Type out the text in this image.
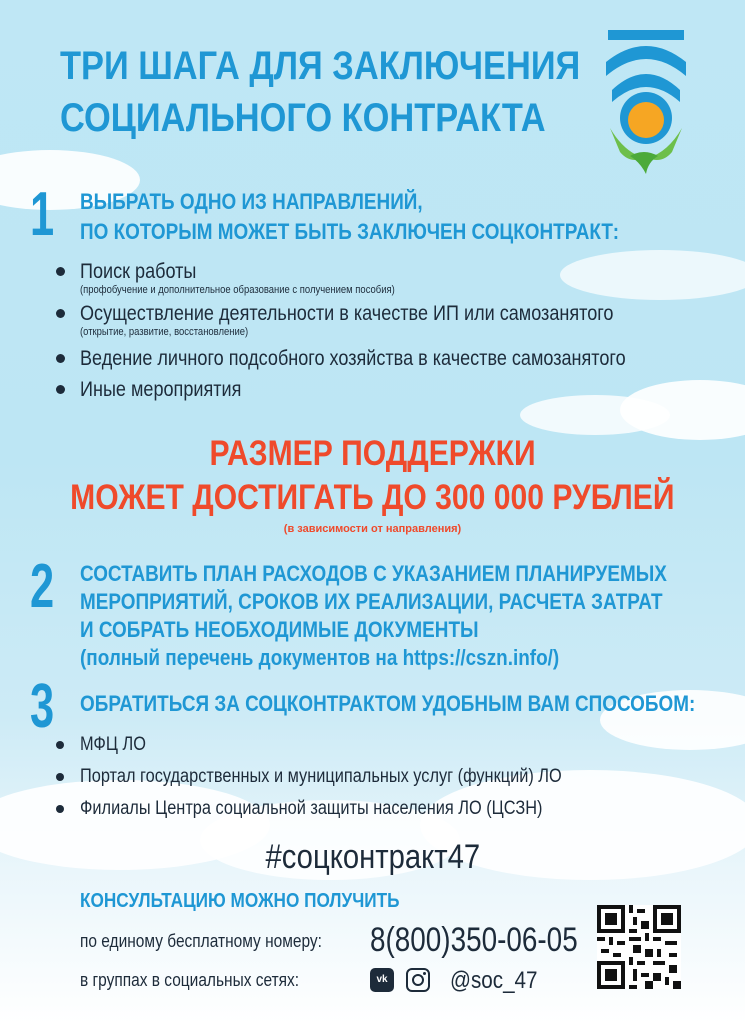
ТРИ ШАГА ДЛЯ ЗАКЛЮЧЕНИЯ
СОЦИАЛЬНОГО КОНТРАКТА
1 ВЫБРАТЬ ОДНО ИЗ НАПРАВЛЕНИЙ,
ПО КОТОРЫМ МОЖЕТ БЫТЬ ЗАКЛЮЧЕН СОЦКОНТРАКТ:
Поиск работы
(профобучение и дополнительное образование с получением пособия)
Осуществление деятельности в качестве ИП или самозанятого
(открытие, развитие, восстановление)
Ведение личного подсобного хозяйства в качестве самозанятого
Иные мероприятия
РАЗМЕР ПОДДЕРЖКИ
МОЖЕТ ДОСТИГАТЬ ДО 300 000 РУБЛЕЙ
(в зависимости от направления)
2 СОСТАВИТЬ ПЛАН РАСХОДОВ С УКАЗАНИЕМ ПЛАНИРУЕМЫХ
МЕРОПРИЯТИЙ, СРОКОВ ИХ РЕАЛИЗАЦИИ, РАСЧЕТА ЗАТРАТ
И СОБРАТЬ НЕОБХОДИМЫЕ ДОКУМЕНТЫ
(полный перечень документов на https://cszn.info/)
3 ОБРАТИТЬСЯ ЗА СОЦКОНТРАКТОМ УДОБНЫМ ВАМ СПОСОБОМ:
МФЦ ЛО
Портал государственных и муниципальных услуг (функций) ЛО
Филиалы Центра социальной защиты населения ЛО (ЦСЗН)
#соцконтракт47
КОНСУЛЬТАЦИЮ МОЖНО ПОЛУЧИТЬ
по единому бесплатному номеру: 8(800)350-06-05
в группах в социальных сетях:	vk	@soc_47
